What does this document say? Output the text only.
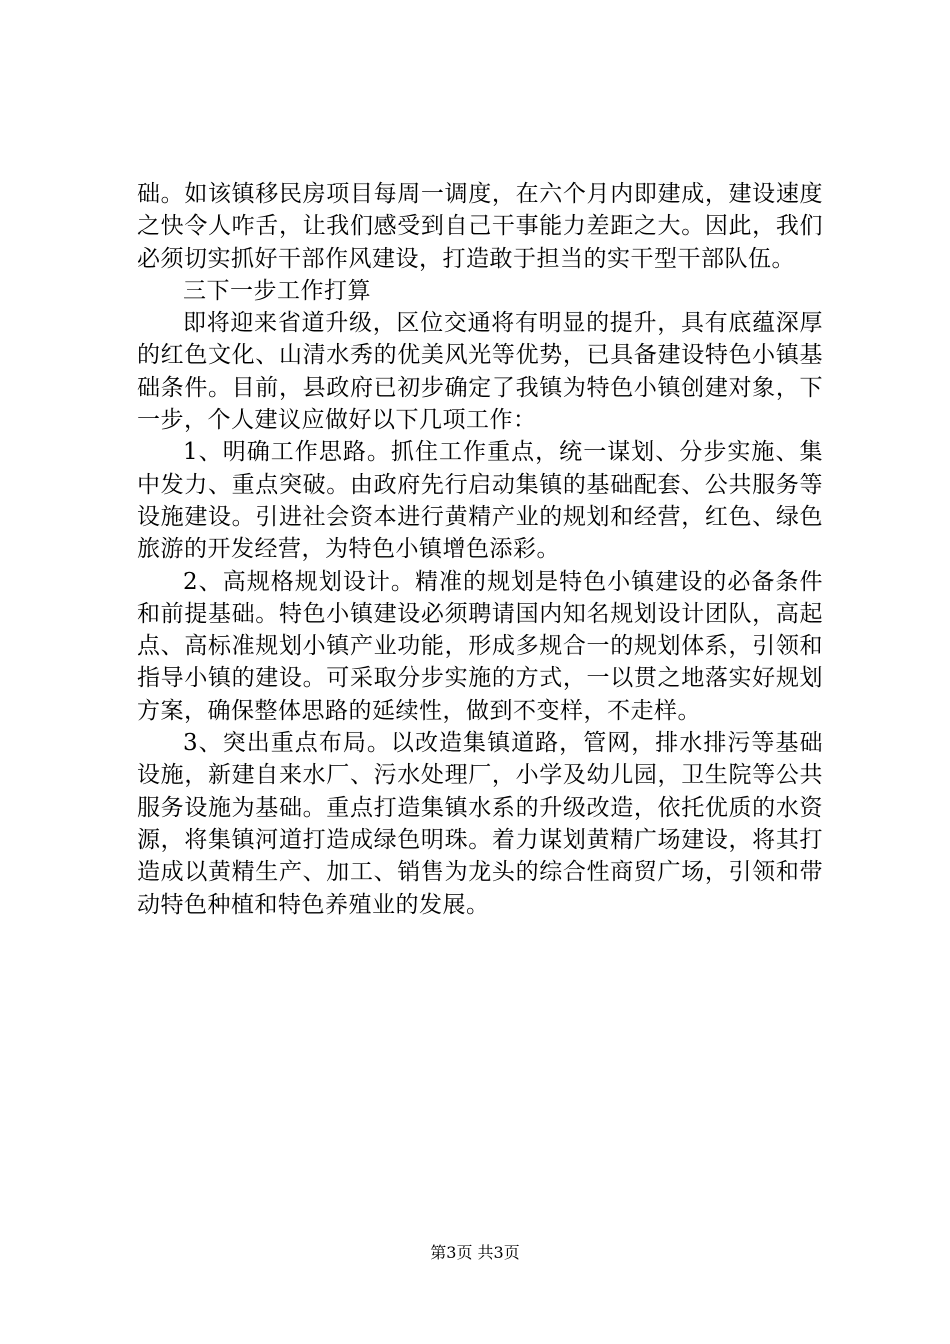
础。如该镇移民房项目每周一调度，在六个月内即建成，建设速度之快令人咋舌，让我们感受到自己干事能力差距之大。因此，我们必须切实抓好干部作风建设，打造敢于担当的实干型干部队伍。

三下一步工作打算

即将迎来省道升级，区位交通将有明显的提升，具有底蕴深厚的红色文化、山清水秀的优美风光等优势，已具备建设特色小镇基础条件。目前，县政府已初步确定了我镇为特色小镇创建对象，下一步，个人建议应做好以下几项工作：

1、明确工作思路。抓住工作重点，统一谋划、分步实施、集中发力、重点突破。由政府先行启动集镇的基础配套、公共服务等设施建设。引进社会资本进行黄精产业的规划和经营，红色、绿色旅游的开发经营，为特色小镇增色添彩。

2、高规格规划设计。精准的规划是特色小镇建设的必备条件和前提基础。特色小镇建设必须聘请国内知名规划设计团队，高起点、高标准规划小镇产业功能，形成多规合一的规划体系，引领和指导小镇的建设。可采取分步实施的方式，一以贯之地落实好规划方案，确保整体思路的延续性，做到不变样，不走样。

3、突出重点布局。以改造集镇道路，管网，排水排污等基础设施，新建自来水厂、污水处理厂，小学及幼儿园，卫生院等公共服务设施为基础。重点打造集镇水系的升级改造，依托优质的水资源，将集镇河道打造成绿色明珠。着力谋划黄精广场建设，将其打造成以黄精生产、加工、销售为龙头的综合性商贸广场，引领和带动特色种植和特色养殖业的发展。

第3页 共3页
